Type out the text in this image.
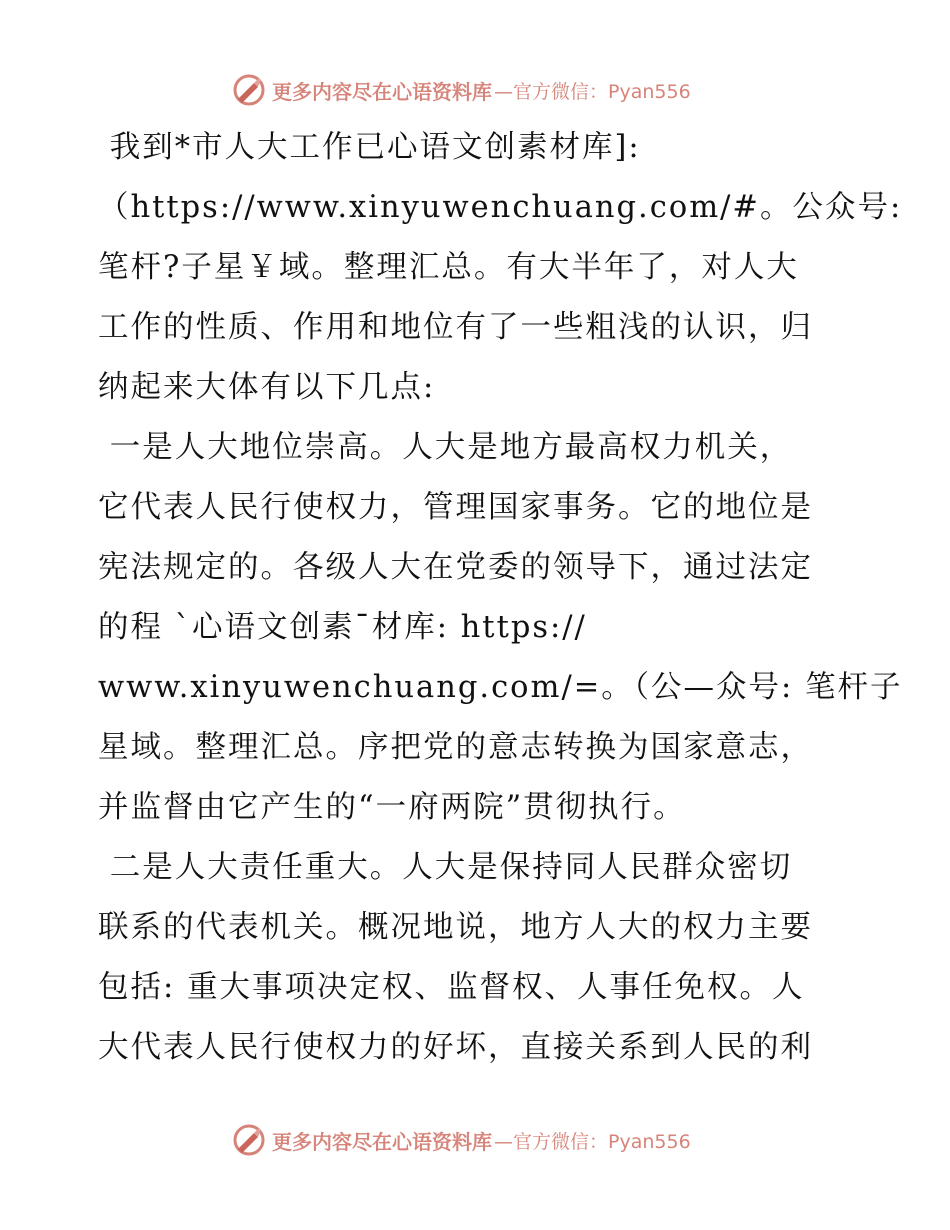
更多内容尽在心语资料库 —官方微信：Pyan556

我到*市人大工作已心语文创素材库]:

（https://www.xinyuwenchuang.com/#。公众号:

笔杆?子星￥域。整理汇总。有大半年了，对人大

工作的性质、作用和地位有了一些粗浅的认识，归

纳起来大体有以下几点:

一是人大地位崇高。人大是地方最高权力机关，

它代表人民行使权力，管理国家事务。它的地位是

宪法规定的。各级人大在党委的领导下，通过法定

的程 ˋ心语文创素¯材库: https://

www.xinyuwenchuang.com/=。（公—众号: 笔杆子

星域。整理汇总。序把党的意志转换为国家意志，

并监督由它产生的“一府两院”贯彻执行。

二是人大责任重大。人大是保持同人民群众密切

联系的代表机关。概况地说，地方人大的权力主要

包括: 重大事项决定权、监督权、人事任免权。人

大代表人民行使权力的好坏，直接关系到人民的利

更多内容尽在心语资料库 —官方微信：Pyan556
